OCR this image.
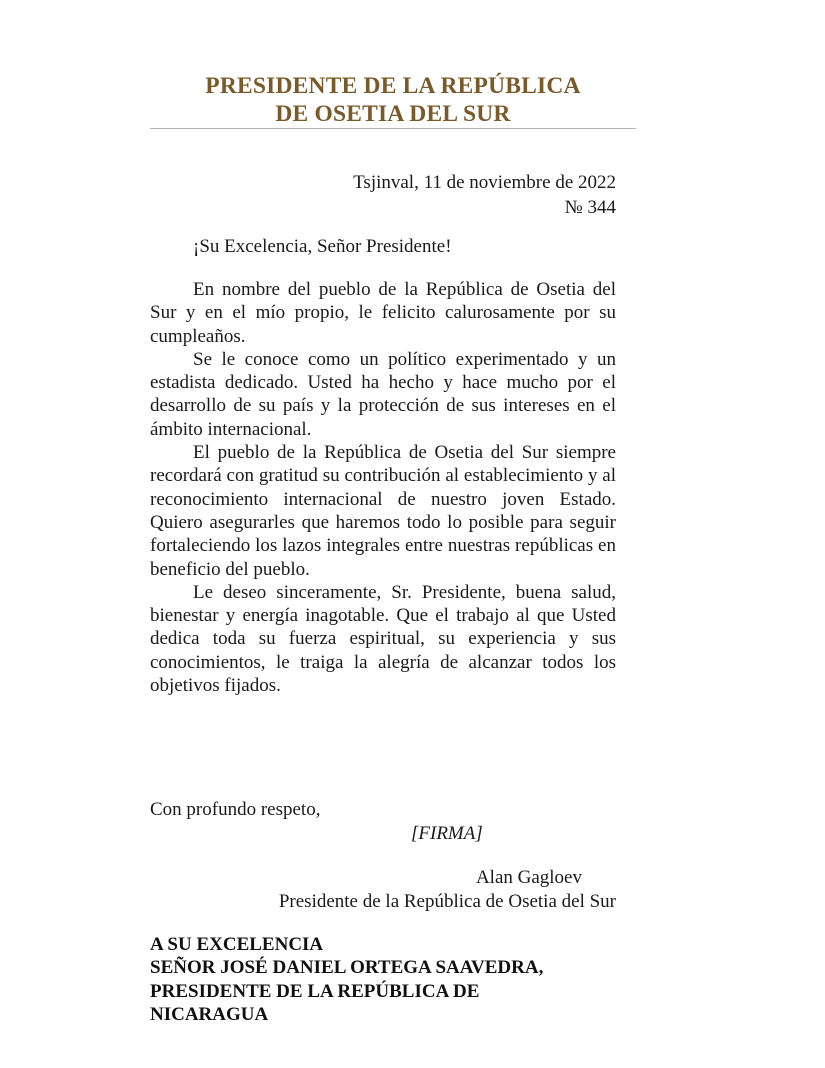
PRESIDENTE DE LA REPÚBLICA
DE OSETIA DEL SUR
Tsjinval, 11 de noviembre de 2022
№ 344
¡Su Excelencia, Señor Presidente!

En nombre del pueblo de la República de Osetia del Sur y en el mío propio, le felicito calurosamente por su cumpleaños.

Se le conoce como un político experimentado y un estadista dedicado. Usted ha hecho y hace mucho por el desarrollo de su país y la protección de sus intereses en el ámbito internacional.

El pueblo de la República de Osetia del Sur siempre recordará con gratitud su contribución al establecimiento y al reconocimiento internacional de nuestro joven Estado. Quiero asegurarles que haremos todo lo posible para seguir fortaleciendo los lazos integrales entre nuestras repúblicas en beneficio del pueblo.

Le deseo sinceramente, Sr. Presidente, buena salud, bienestar y energía inagotable. Que el trabajo al que Usted dedica toda su fuerza espiritual, su experiencia y sus conocimientos, le traiga la alegría de alcanzar todos los objetivos fijados.

Con profundo respeto,
[FIRMA]
Alan Gagloev
Presidente de la República de Osetia del Sur
A SU EXCELENCIA
SEÑOR JOSÉ DANIEL ORTEGA SAAVEDRA,
PRESIDENTE DE LA REPÚBLICA DE
NICARAGUA
